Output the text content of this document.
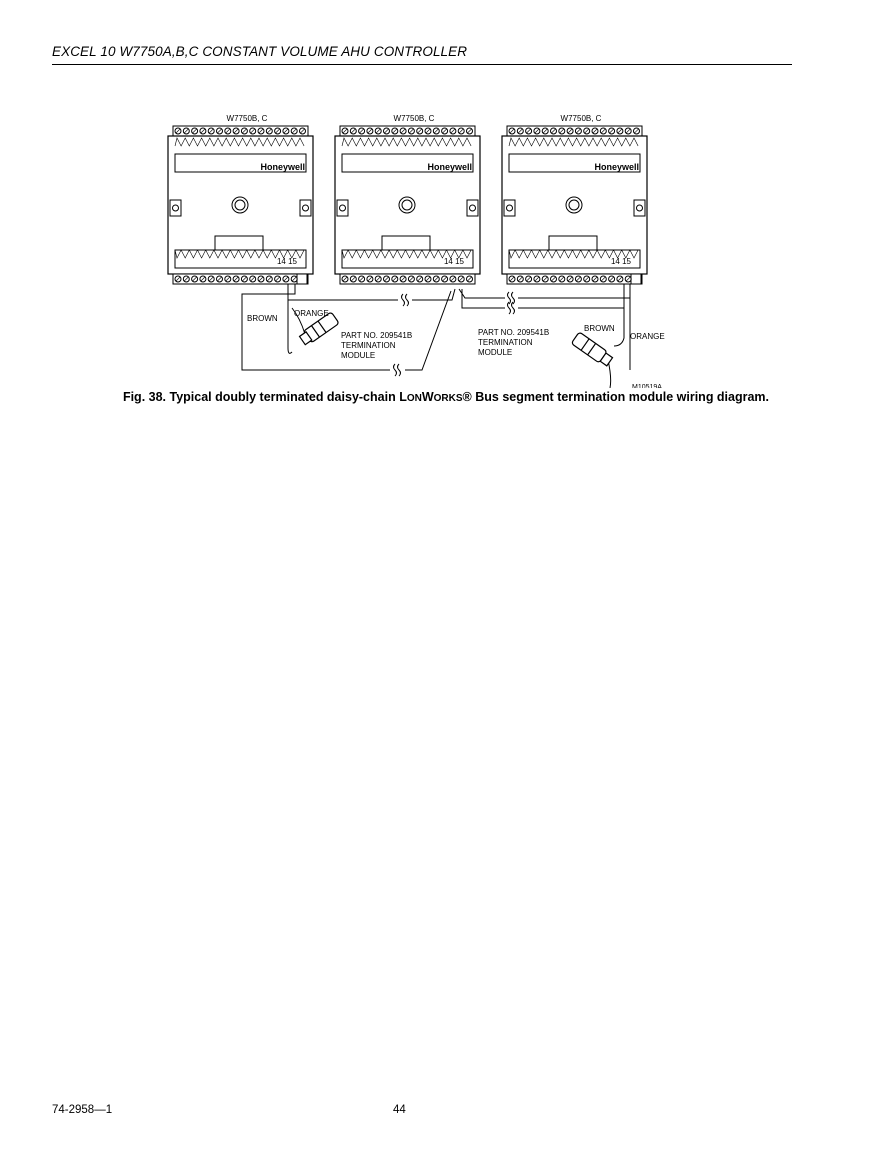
EXCEL 10 W7750A,B,C CONSTANT VOLUME AHU CONTROLLER
W7750B, C
Honeywell
14 15
W7750B, C
Honeywell
14 15
W7750B, C
Honeywell
14 15
BROWN
ORANGE
PART NO. 209541B
TERMINATION
MODULE
BROWN
ORANGE
PART NO. 209541B
TERMINATION
MODULE
M10519A
Fig. 38. Typical doubly terminated daisy-chain LONWORKS® Bus segment termination module wiring diagram.
74-2958—1	44
